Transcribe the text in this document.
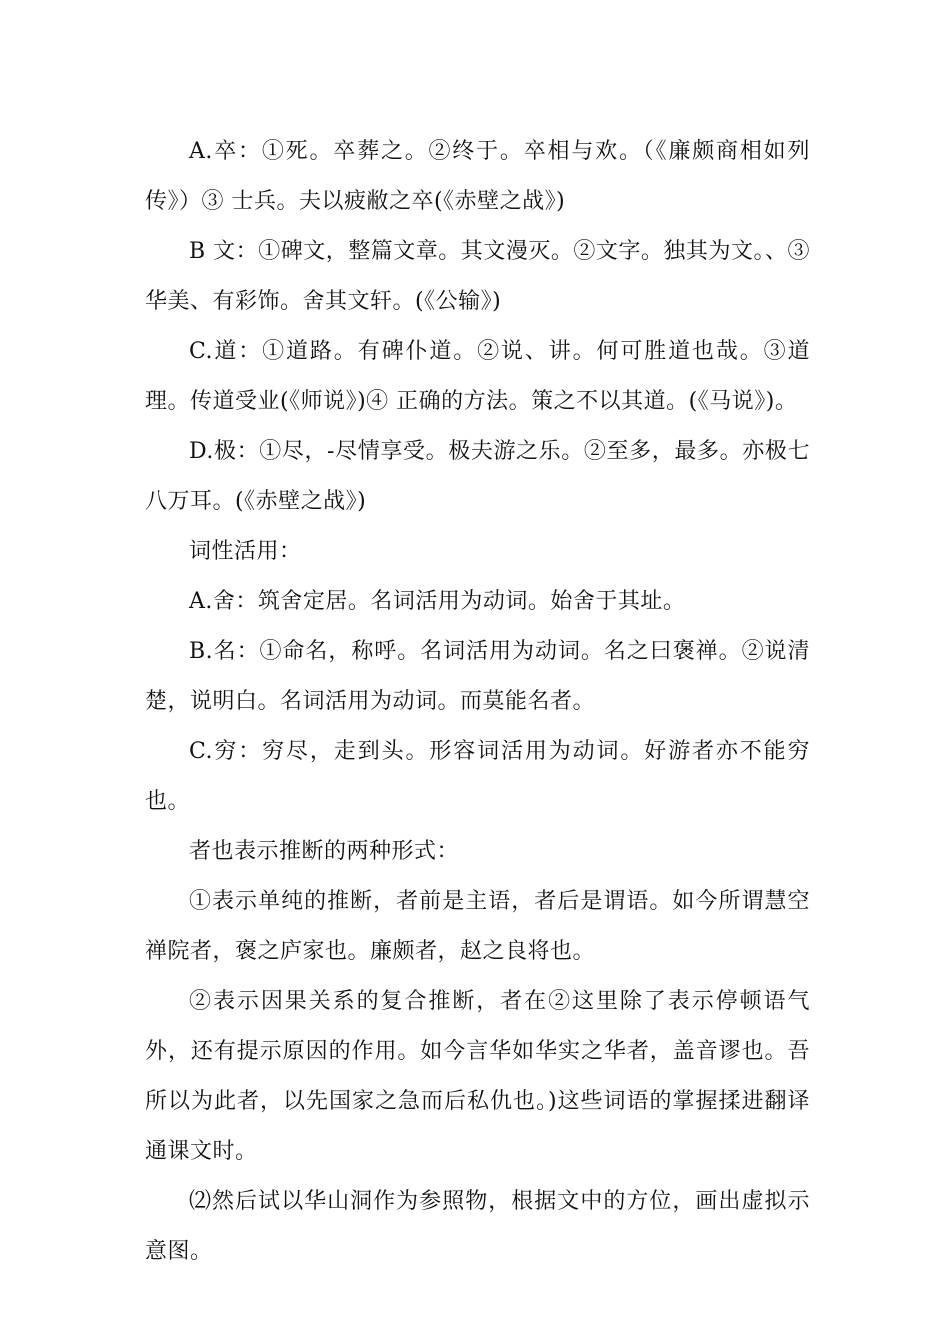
A.卒：①死。卒葬之。②终于。卒相与欢。（《廉颇商相如列传》）③ 士兵。夫以疲敝之卒(《赤壁之战》)

B 文：①碑文，整篇文章。其文漫灭。②文字。独其为文。、③华美、有彩饰。舍其文轩。(《公输》)

C.道：①道路。有碑仆道。②说、讲。何可胜道也哉。③道理。传道受业(《师说》)④ 正确的方法。策之不以其道。(《马说》)。

D.极：①尽，-尽情享受。极夫游之乐。②至多，最多。亦极七八万耳。(《赤壁之战》)

词性活用：

A.舍：筑舍定居。名词活用为动词。始舍于其址。

B.名：①命名，称呼。名词活用为动词。名之曰褒禅。②说清楚，说明白。名词活用为动词。而莫能名者。

C.穷：穷尽，走到头。形容词活用为动词。好游者亦不能穷也。

者也表示推断的两种形式：

①表示单纯的推断，者前是主语，者后是谓语。如今所谓慧空禅院者，褒之庐家也。廉颇者，赵之良将也。

②表示因果关系的复合推断，者在②这里除了表示停顿语气外，还有提示原因的作用。如今言华如华实之华者，盖音谬也。吾所以为此者，以先国家之急而后私仇也。)这些词语的掌握揉进翻译通课文时。

⑵然后试以华山洞作为参照物，根据文中的方位，画出虚拟示意图。
